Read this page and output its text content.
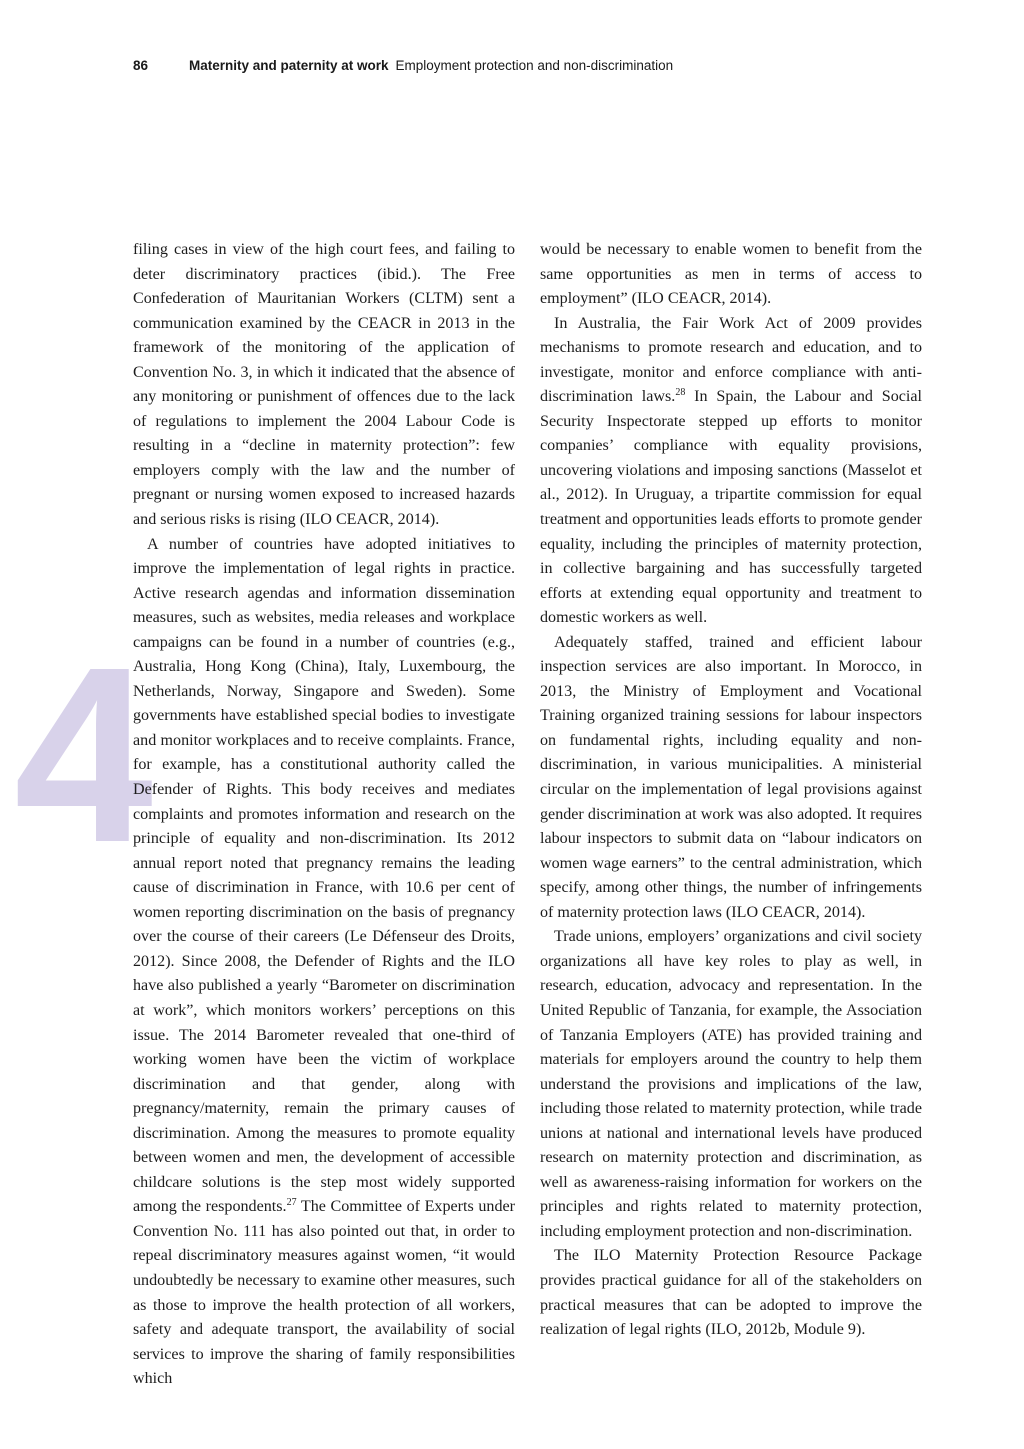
86	Maternity and paternity at work Employment protection and non-discrimination
4

filing cases in view of the high court fees, and failing to deter discriminatory practices (ibid.). The Free Confederation of Mauritanian Workers (CLTM) sent a communication examined by the CEACR in 2013 in the framework of the monitoring of the application of Convention No. 3, in which it indicated that the absence of any monitoring or punishment of offences due to the lack of regulations to implement the 2004 Labour Code is resulting in a “decline in maternity protection”: few employers comply with the law and the number of pregnant or nursing women exposed to increased hazards and serious risks is rising (ILO CEACR, 2014).

A number of countries have adopted initiatives to improve the implementation of legal rights in practice. Active research agendas and information dissemination measures, such as websites, media releases and workplace campaigns can be found in a number of countries (e.g., Australia, Hong Kong (China), Italy, Luxembourg, the Netherlands, Norway, Singapore and Sweden). Some governments have established special bodies to investigate and monitor workplaces and to receive complaints. France, for example, has a constitutional authority called the Defender of Rights. This body receives and mediates complaints and promotes information and research on the principle of equality and non-discrimination. Its 2012 annual report noted that pregnancy remains the leading cause of discrimination in France, with 10.6 per cent of women reporting discrimination on the basis of pregnancy over the course of their careers (Le Défenseur des Droits, 2012). Since 2008, the Defender of Rights and the ILO have also published a yearly “Barometer on discrimination at work”, which monitors workers’ perceptions on this issue. The 2014 Barometer revealed that one-third of working women have been the victim of workplace discrimination and that gender, along with pregnancy/maternity, remain the primary causes of discrimination. Among the measures to promote equality between women and men, the development of accessible childcare solutions is the step most widely supported among the respondents.$^{27}$ The Committee of Experts under Convention No. 111 has also pointed out that, in order to repeal discriminatory measures against women, “it would undoubtedly be necessary to examine other measures, such as those to improve the health protection of all workers, safety and adequate transport, the availability of social services to improve the sharing of family responsibilities which

would be necessary to enable women to benefit from the same opportunities as men in terms of access to employment” (ILO CEACR, 2014).

In Australia, the Fair Work Act of 2009 provides mechanisms to promote research and education, and to investigate, monitor and enforce compliance with anti-discrimination laws.$^{28}$ In Spain, the Labour and Social Security Inspectorate stepped up efforts to monitor companies’ compliance with equality provisions, uncovering violations and imposing sanctions (Masselot et al., 2012). In Uruguay, a tripartite commission for equal treatment and opportunities leads efforts to promote gender equality, including the principles of maternity protection, in collective bargaining and has successfully targeted efforts at extending equal opportunity and treatment to domestic workers as well.

Adequately staffed, trained and efficient labour inspection services are also important. In Morocco, in 2013, the Ministry of Employment and Vocational Training organized training sessions for labour inspectors on fundamental rights, including equality and non-discrimination, in various municipalities. A ministerial circular on the implementation of legal provisions against gender discrimination at work was also adopted. It requires labour inspectors to submit data on “labour indicators on women wage earners” to the central administration, which specify, among other things, the number of infringements of maternity protection laws (ILO CEACR, 2014).

Trade unions, employers’ organizations and civil society organizations all have key roles to play as well, in research, education, advocacy and representation. In the United Republic of Tanzania, for example, the Association of Tanzania Employers (ATE) has provided training and materials for employers around the country to help them understand the provisions and implications of the law, including those related to maternity protection, while trade unions at national and international levels have produced research on maternity protection and discrimination, as well as awareness-raising information for workers on the principles and rights related to maternity protection, including employment protection and non-discrimination.

The ILO Maternity Protection Resource Package provides practical guidance for all of the stakeholders on practical measures that can be adopted to improve the realization of legal rights (ILO, 2012b, Module 9).
